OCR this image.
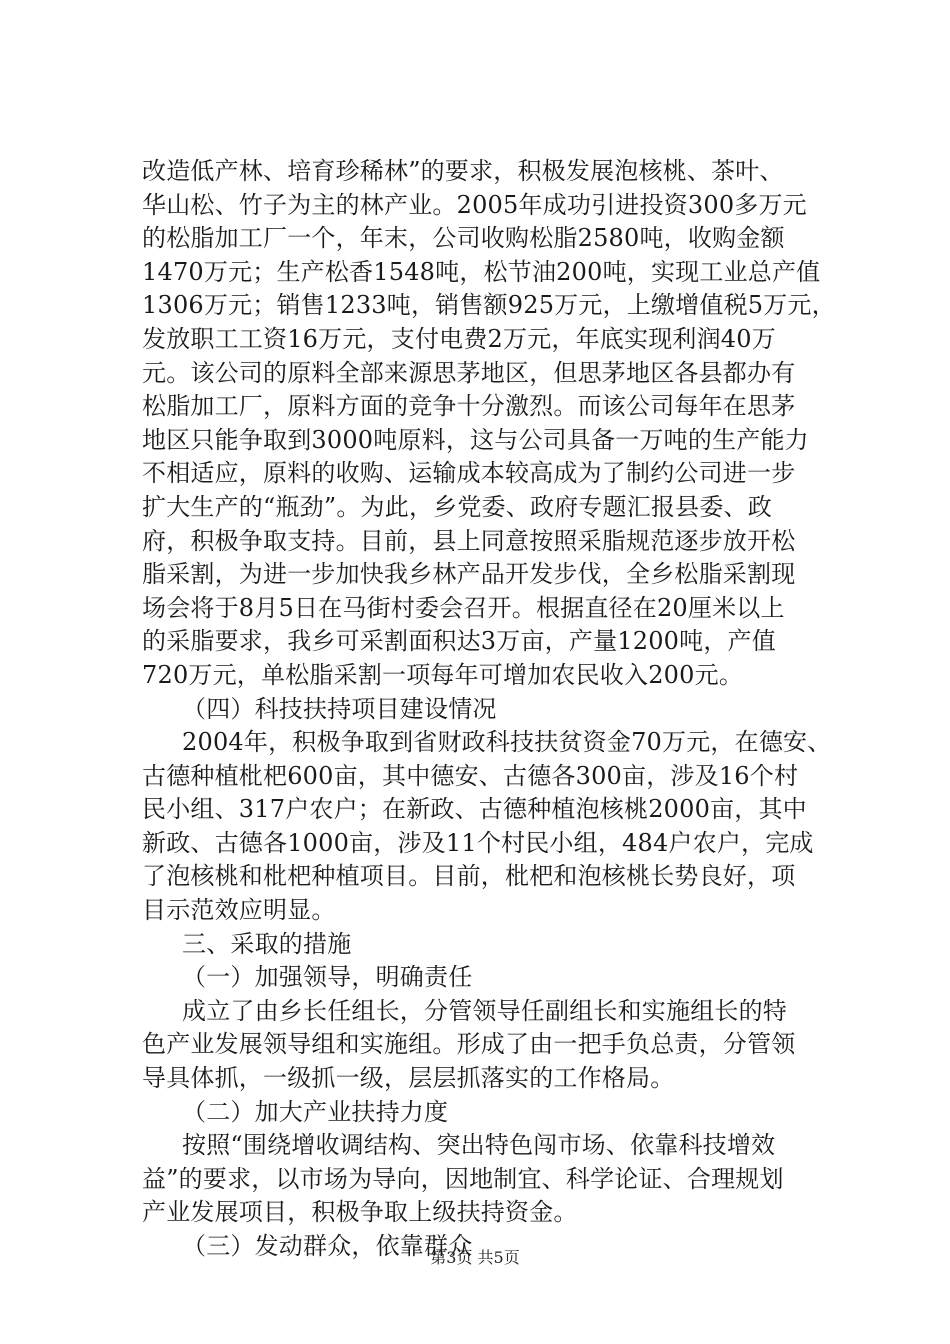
改造低产林、培育珍稀林”的要求，积极发展泡核桃、茶叶、
华山松、竹子为主的林产业。2005年成功引进投资300多万元
的松脂加工厂一个，年末，公司收购松脂2580吨，收购金额
1470万元；生产松香1548吨，松节油200吨，实现工业总产值
1306万元；销售1233吨，销售额925万元，上缴增值税5万元，
发放职工工资16万元，支付电费2万元，年底实现利润40万
元。该公司的原料全部来源思茅地区，但思茅地区各县都办有
松脂加工厂，原料方面的竞争十分激烈。而该公司每年在思茅
地区只能争取到3000吨原料，这与公司具备一万吨的生产能力
不相适应，原料的收购、运输成本较高成为了制约公司进一步
扩大生产的“瓶劲”。为此，乡党委、政府专题汇报县委、政
府，积极争取支持。目前，县上同意按照采脂规范逐步放开松
脂采割，为进一步加快我乡林产品开发步伐，全乡松脂采割现
场会将于8月5日在马街村委会召开。根据直径在20厘米以上
的采脂要求，我乡可采割面积达3万亩，产量1200吨，产值
720万元，单松脂采割一项每年可增加农民收入200元。
（四）科技扶持项目建设情况
2004年，积极争取到省财政科技扶贫资金70万元，在德安、
古德种植枇杷600亩，其中德安、古德各300亩，涉及16个村
民小组、317户农户；在新政、古德种植泡核桃2000亩，其中
新政、古德各1000亩，涉及11个村民小组，484户农户，完成
了泡核桃和枇杷种植项目。目前，枇杷和泡核桃长势良好，项
目示范效应明显。
三、采取的措施
（一）加强领导，明确责任
成立了由乡长任组长，分管领导任副组长和实施组长的特
色产业发展领导组和实施组。形成了由一把手负总责，分管领
导具体抓，一级抓一级，层层抓落实的工作格局。
（二）加大产业扶持力度
按照“围绕增收调结构、突出特色闯市场、依靠科技增效
益”的要求，以市场为导向，因地制宜、科学论证、合理规划
产业发展项目，积极争取上级扶持资金。
（三）发动群众，依靠群众
第3页 共5页
